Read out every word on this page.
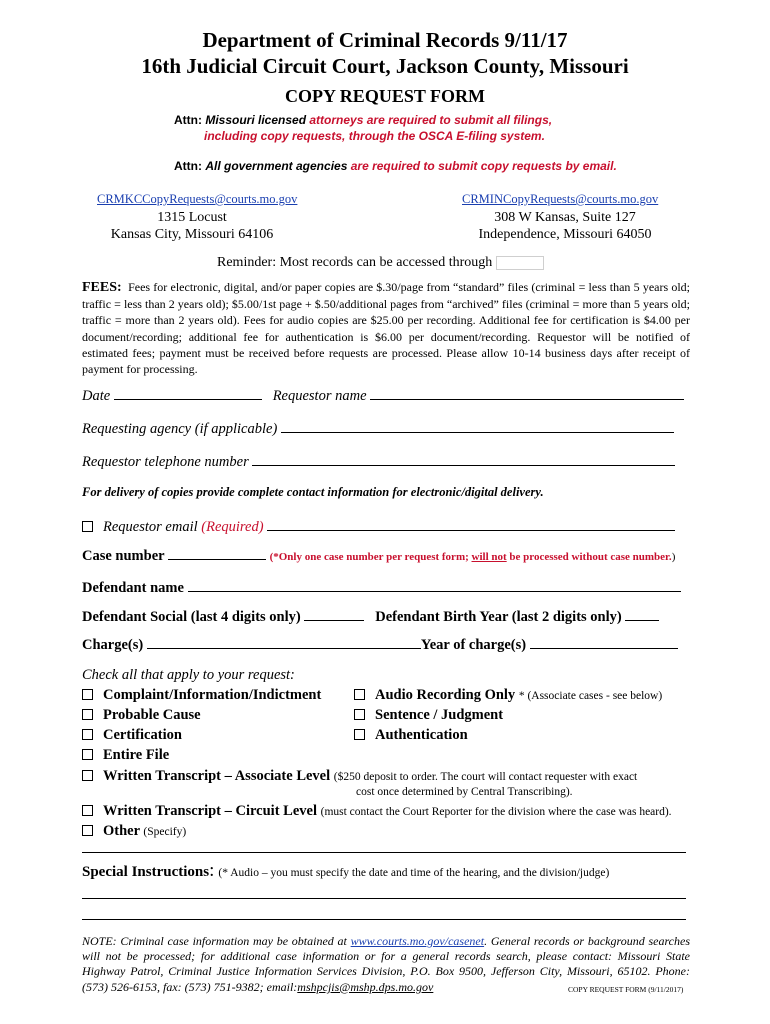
Department of Criminal Records 9/11/17
16th Judicial Circuit Court, Jackson County, Missouri
COPY REQUEST FORM
Attn: Missouri licensed attorneys are required to submit all filings,
including copy requests, through the OSCA E-filing system.
Attn: All government agencies are required to submit copy requests by email.
CRMKCCopyRequests@courts.mo.gov
1315 Locust
Kansas City, Missouri 64106
CRMINCopyRequests@courts.mo.gov
308 W Kansas, Suite 127
Independence, Missouri 64050
Reminder: Most records can be accessed through
FEES: Fees for electronic, digital, and/or paper copies are $.30/page from “standard” files (criminal = less than 5 years old; traffic = less than 2 years old); $5.00/1st page + $.50/additional pages from “archived” files (criminal = more than 5 years old; traffic = more than 2 years old). Fees for audio copies are $25.00 per recording. Additional fee for certification is $4.00 per document/recording; additional fee for authentication is $6.00 per document/recording. Requestor will be notified of estimated fees; payment must be received before requests are processed. Please allow 10-14 business days after receipt of payment for processing.
Date	Requestor name
Requesting agency (if applicable)
Requestor telephone number
For delivery of copies provide complete contact information for electronic/digital delivery.
Requestor email (Required)
Case number	(*Only one case number per request form; will not be processed without case number.)
Defendant name
Defendant Social (last 4 digits only)	Defendant Birth Year (last 2 digits only)
Charge(s)	Year of charge(s)
Check all that apply to your request:
Complaint/Information/Indictment	Audio Recording Only * (Associate cases - see below)
Probable Cause	Sentence / Judgment
Certification	Authentication
Entire File
Written Transcript – Associate Level ($250 deposit to order. The court will contact requester with exact
cost once determined by Central Transcribing).
Written Transcript – Circuit Level (must contact the Court Reporter for the division where the case was heard).
Other (Specify)
Special Instructions: (* Audio – you must specify the date and time of the hearing, and the division/judge)
NOTE: Criminal case information may be obtained at www.courts.mo.gov/casenet. General records or background searches will not be processed; for additional case information or for a general records search, please contact: Missouri State Highway Patrol, Criminal Justice Information Services Division, P.O. Box 9500, Jefferson City, Missouri, 65102. Phone: (573) 526-6153, fax: (573) 751-9382; email:mshpcjis@mshp.dps.mo.gov	COPY REQUEST FORM (9/11/2017)
